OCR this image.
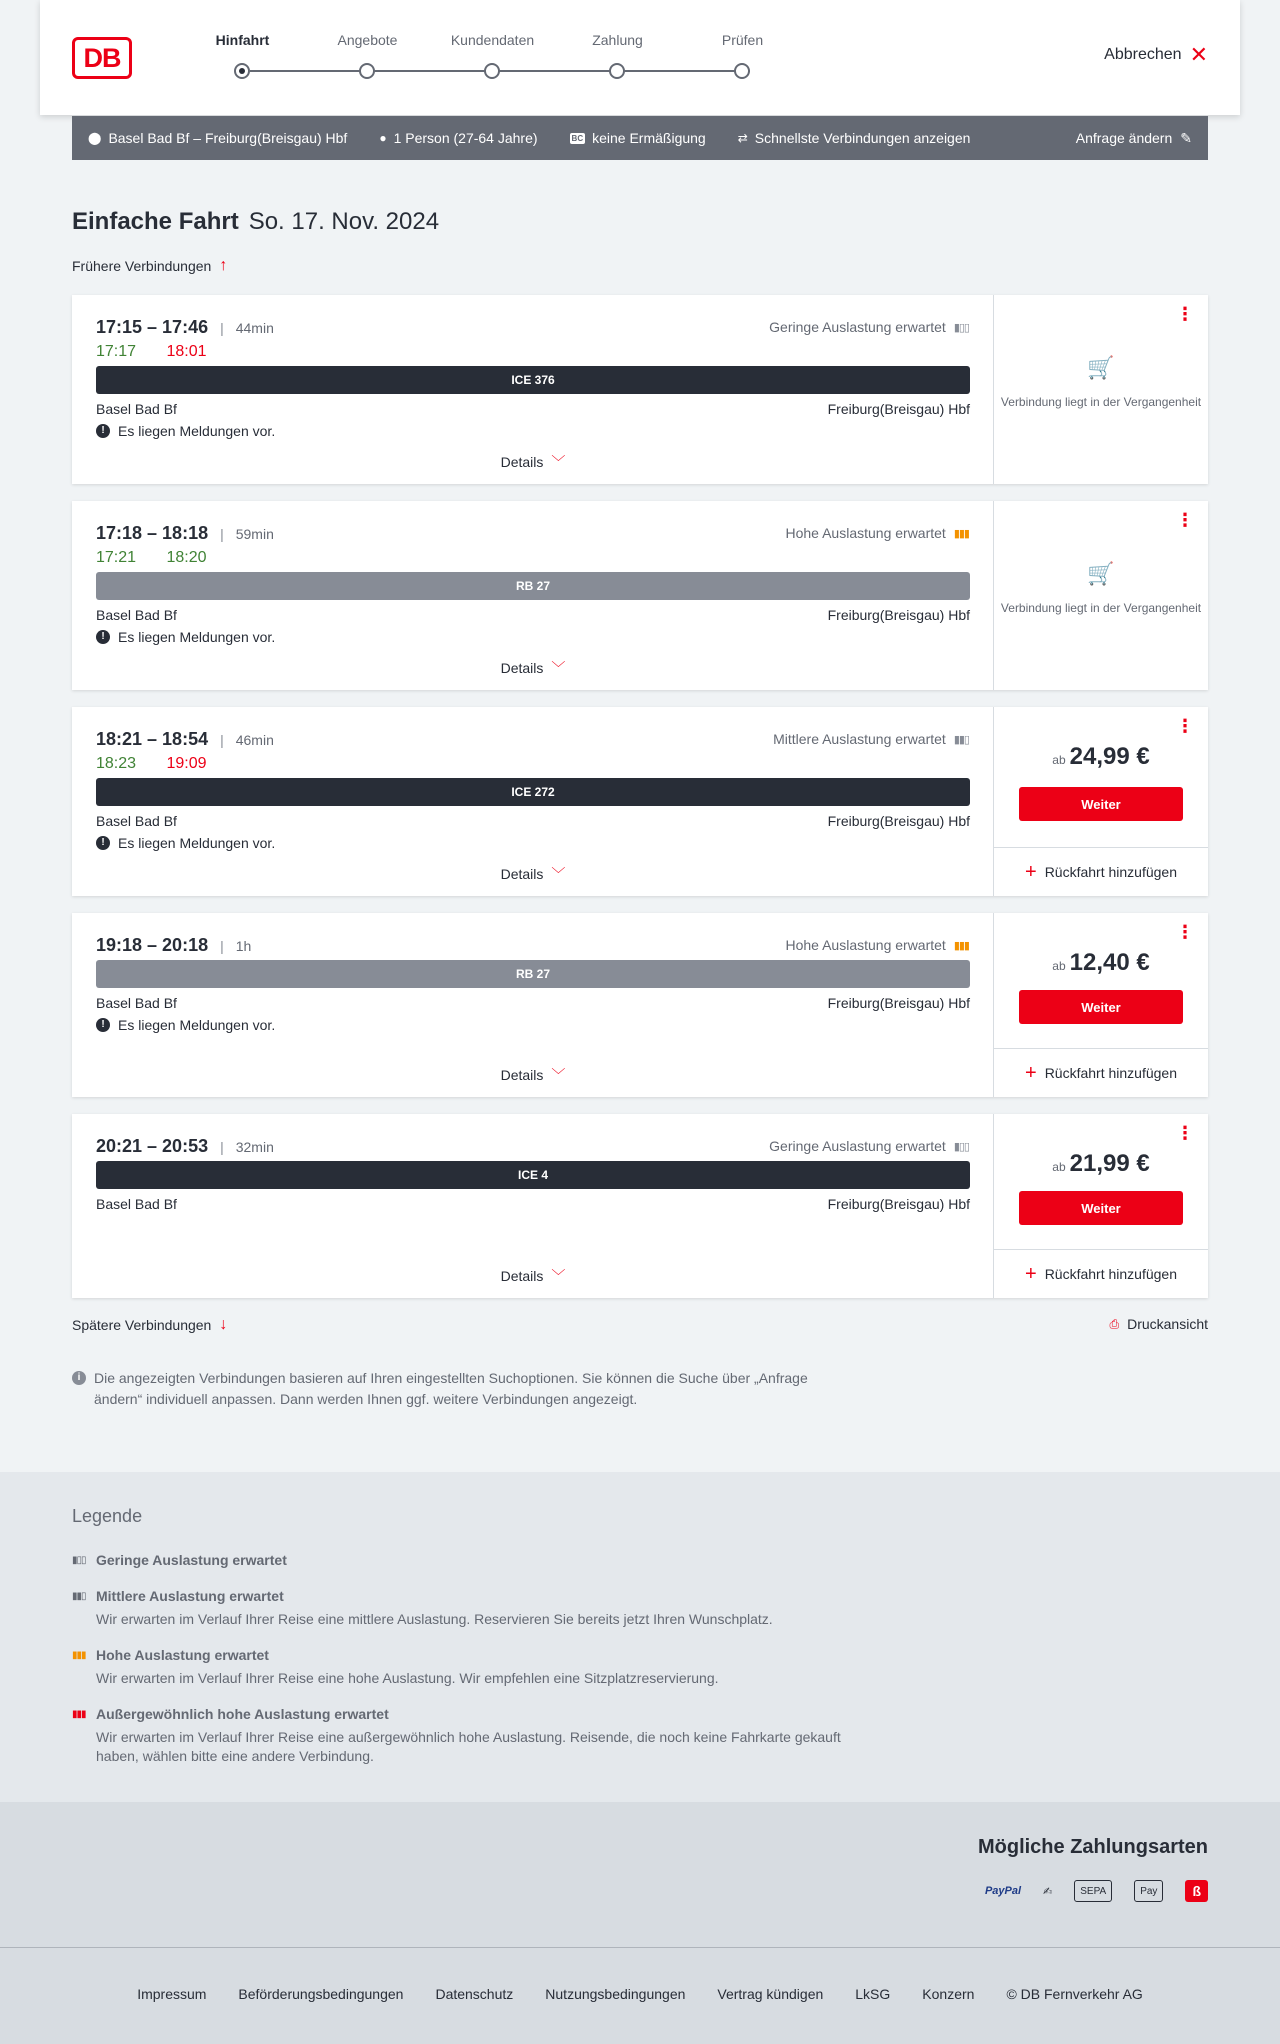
DB
Hinfahrt	Angebote	Kundendaten	Zahlung	Prüfen
Abbrechen ✕
⬤ Basel Bad Bf – Freiburg(Breisgau) Hbf	● 1 Person (27-64 Jahre)	BC keine Ermäßigung	⇄ Schnellste Verbindungen anzeigen	Anfrage ändern ✎
Einfache Fahrt So. 17. Nov. 2024
Frühere Verbindungen ↑
17:15 – 17:46 | 44min
17:17 18:01
Geringe Auslastung erwartet ▮▯▯
ICE 376
Basel Bad Bf	Freiburg(Breisgau) Hbf
! Es liegen Meldungen vor.
Details ﹀
⋮
🛒
Verbindung liegt in der Vergangenheit
17:18 – 18:18 | 59min
17:21 18:20
Hohe Auslastung erwartet ▮▮▮
RB 27
Basel Bad Bf	Freiburg(Breisgau) Hbf
! Es liegen Meldungen vor.
Details ﹀
⋮
🛒
Verbindung liegt in der Vergangenheit
18:21 – 18:54 | 46min
18:23 19:09
Mittlere Auslastung erwartet ▮▮▯
ICE 272
Basel Bad Bf	Freiburg(Breisgau) Hbf
! Es liegen Meldungen vor.
Details ﹀
⋮
ab 24,99 €
Weiter
+ Rückfahrt hinzufügen
19:18 – 20:18 | 1h	Hohe Auslastung erwartet ▮▮▮
RB 27
Basel Bad Bf	Freiburg(Breisgau) Hbf
! Es liegen Meldungen vor.
Details ﹀
⋮
ab 12,40 €
Weiter
+ Rückfahrt hinzufügen
20:21 – 20:53 | 32min	Geringe Auslastung erwartet ▮▯▯
ICE 4
Basel Bad Bf	Freiburg(Breisgau) Hbf
Details ﹀
⋮
ab 21,99 €
Weiter
+ Rückfahrt hinzufügen
Spätere Verbindungen ↓	⎙ Druckansicht
i Die angezeigten Verbindungen basieren auf Ihren eingestellten Suchoptionen. Sie können die Suche über „Anfrage ändern“ individuell anpassen. Dann werden Ihnen ggf. weitere Verbindungen angezeigt.
Legende
▮▯▯ Geringe Auslastung erwartet
▮▮▯ Mittlere Auslastung erwartet
Wir erwarten im Verlauf Ihrer Reise eine mittlere Auslastung. Reservieren Sie bereits jetzt Ihren Wunschplatz.
▮▮▮ Hohe Auslastung erwartet
Wir erwarten im Verlauf Ihrer Reise eine hohe Auslastung. Wir empfehlen eine Sitzplatzreservierung.
▮▮▮ Außergewöhnlich hohe Auslastung erwartet
Wir erwarten im Verlauf Ihrer Reise eine außergewöhnlich hohe Auslastung. Reisende, die noch keine Fahrkarte gekauft haben, wählen bitte eine andere Verbindung.
Mögliche Zahlungsarten
PayPal ✍	SEPA	Pay	ß
Impressum Beförderungsbedingungen Datenschutz Nutzungsbedingungen Vertrag kündigen LkSG Konzern © DB Fernverkehr AG
